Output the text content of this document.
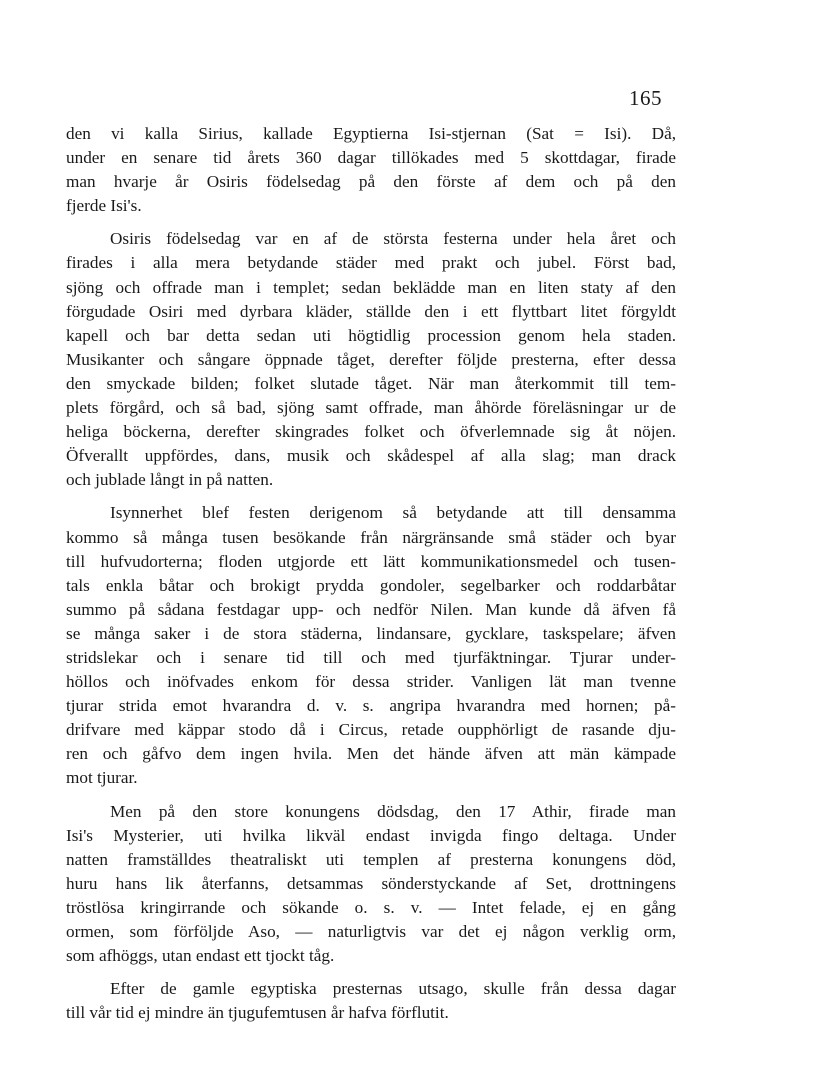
165
den vi kalla Sirius, kallade Egyptierna Isi-stjernan (Sat = Isi). Då,
under en senare tid årets 360 dagar tillökades med 5 skottdagar, firade
man hvarje år Osiris födelsedag på den förste af dem och på den
fjerde Isi's.
Osiris födelsedag var en af de största festerna under hela året och
firades i alla mera betydande städer med prakt och jubel. Först bad,
sjöng och offrade man i templet; sedan beklädde man en liten staty af den
förgudade Osiri med dyrbara kläder, ställde den i ett flyttbart litet förgyldt
kapell och bar detta sedan uti högtidlig procession genom hela staden.
Musikanter och sångare öppnade tåget, derefter följde presterna, efter dessa
den smyckade bilden; folket slutade tåget. När man återkommit till tem-
plets förgård, och så bad, sjöng samt offrade, man åhörde föreläsningar ur de
heliga böckerna, derefter skingrades folket och öfverlemnade sig åt nöjen.
Öfverallt uppfördes, dans, musik och skådespel af alla slag; man drack
och jublade långt in på natten.
Isynnerhet blef festen derigenom så betydande att till densamma
kommo så många tusen besökande från närgränsande små städer och byar
till hufvudorterna; floden utgjorde ett lätt kommunikationsmedel och tusen-
tals enkla båtar och brokigt prydda gondoler, segelbarker och roddarbåtar
summo på sådana festdagar upp- och nedför Nilen. Man kunde då äfven få
se många saker i de stora städerna, lindansare, gycklare, taskspelare; äfven
stridslekar och i senare tid till och med tjurfäktningar. Tjurar under-
höllos och inöfvades enkom för dessa strider. Vanligen lät man tvenne
tjurar strida emot hvarandra d. v. s. angripa hvarandra med hornen; på-
drifvare med käppar stodo då i Circus, retade oupphörligt de rasande dju-
ren och gåfvo dem ingen hvila. Men det hände äfven att män kämpade
mot tjurar.
Men på den store konungens dödsdag, den 17 Athir, firade man
Isi's Mysterier, uti hvilka likväl endast invigda fingo deltaga. Under
natten framställdes theatraliskt uti templen af presterna konungens död,
huru hans lik återfanns, detsammas sönderstyckande af Set, drottningens
tröstlösa kringirrande och sökande o. s. v. — Intet felade, ej en gång
ormen, som förföljde Aso, — naturligtvis var det ej någon verklig orm,
som afhöggs, utan endast ett tjockt tåg.
Efter de gamle egyptiska presternas utsago, skulle från dessa dagar
till vår tid ej mindre än tjugufemtusen år hafva förflutit.
